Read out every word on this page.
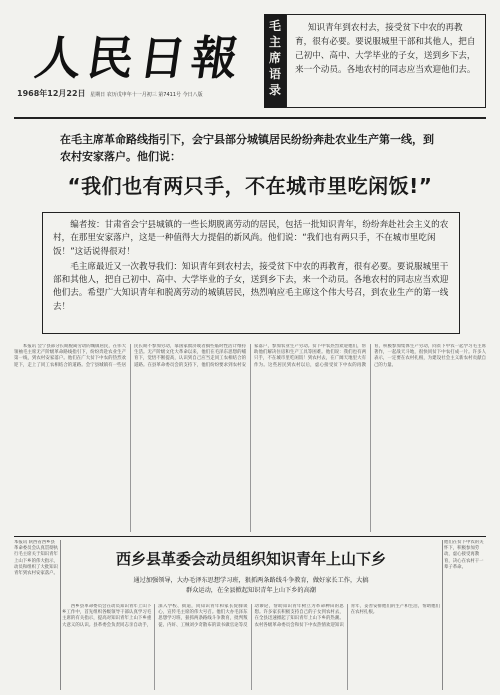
人民日報
1968年12月22日 星期日 农历戊申年十一月初三 第7411号 今日八版
毛主席语录
知识青年到农村去，接受贫下中农的再教育，很有必要。要说服城里干部和其他人，把自己初中、高中、大学毕业的子女，送到乡下去，来一个动员。各地农村的同志应当欢迎他们去。
在毛主席革命路线指引下，会宁县部分城镇居民纷纷奔赴农业生产第一线，到农村安家落户。他们说：
“我们也有两只手，不在城市里吃闲饭!”

编者按：甘肃省会宁县城镇的一些长期脱离劳动的居民，包括一批知识青年，纷纷奔赴社会主义的农村，在那里安家落户，这是一种值得大力提倡的新风尚。他们说：“我们也有两只手，不在城市里吃闲饭！”这话说得很对！

毛主席最近又一次教导我们：知识青年到农村去，接受贫下中农的再教育，很有必要。要说服城里干部和其他人，把自己初中、高中、大学毕业的子女，送到乡下去，来一个动员。各地农村的同志应当欢迎他们去。希望广大知识青年和脱离劳动的城镇居民，热烈响应毛主席这个伟大号召，到农业生产的第一线去！

本报讯 会宁县部分长期脱离劳动的城镇居民，在伟大领袖毛主席无产阶级革命路线指引下，纷纷奔赴农业生产第一线，到农村安家落户。他们在广大贫下中农的热烈欢迎下，走上了同工农相结合的道路。会宁县城镇有一些居民长期不参加劳动，靠国家救济或者搞些临时性活计维持生活。无产阶级文化大革命以来，他们在毛泽东思想的哺育下，觉悟不断提高，认识到自己应当走同工农相结合的道路。在县革命委员会的支持下，他们纷纷要求到农村安家落户，参加农业生产劳动。贫下中农热烈欢迎他们，帮助他们解决住房和生产工具等困难。他们说：我们也有两只手，不在城市里吃闲饭！到农村去，在广阔天地里大有作为。这些居民到农村以后，虚心接受贫下中农的再教育，积极参加集体生产劳动，同贫下中农一起学习毛主席著作，一起战天斗地，很快同贫下中农打成一片。许多人表示，一定要在农村扎根，为建设社会主义新农村贡献自己的力量。

本报讯 陕西省西乡县革命委员会认真贯彻执行毛主席关于知识青年上山下乡的伟大指示，动员和组织了大批知识青年到农村安家落户。
西乡县革委会动员组织知识青年上山下乡
通过加强领导，大办毛泽东思想学习班，狠抓两条路线斗争教育，做好家长工作，大搞
群众运动，在全县掀起知识青年上山下乡的高潮

西乡县革命委员会在动员知识青年上山下乡工作中，首先组织各级领导干部认真学习毛主席的有关指示，提高对知识青年上山下乡重大意义的认识。县革委会负责同志亲自动手，深入学校、街道，同知识青年和家长促膝谈心，宣传毛主席的伟大号召。他们大办毛泽东思想学习班，狠抓两条路线斗争教育，批判叛徒、内奸、工贼刘少奇散布的读书做官论等反动谬论，帮助知识青年树立为革命种田的思想。许多家长积极支持自己的子女到农村去，在全县迅速掀起了知识青年上山下乡的热潮。农村各级革命委员会和贫下中农热情欢迎知识青年，妥善安排他们的生产和生活，帮助他们在农村扎根。

他们在贫下中农的关怀下，积极参加劳动，虚心接受再教育，决心在农村干一辈子革命。
